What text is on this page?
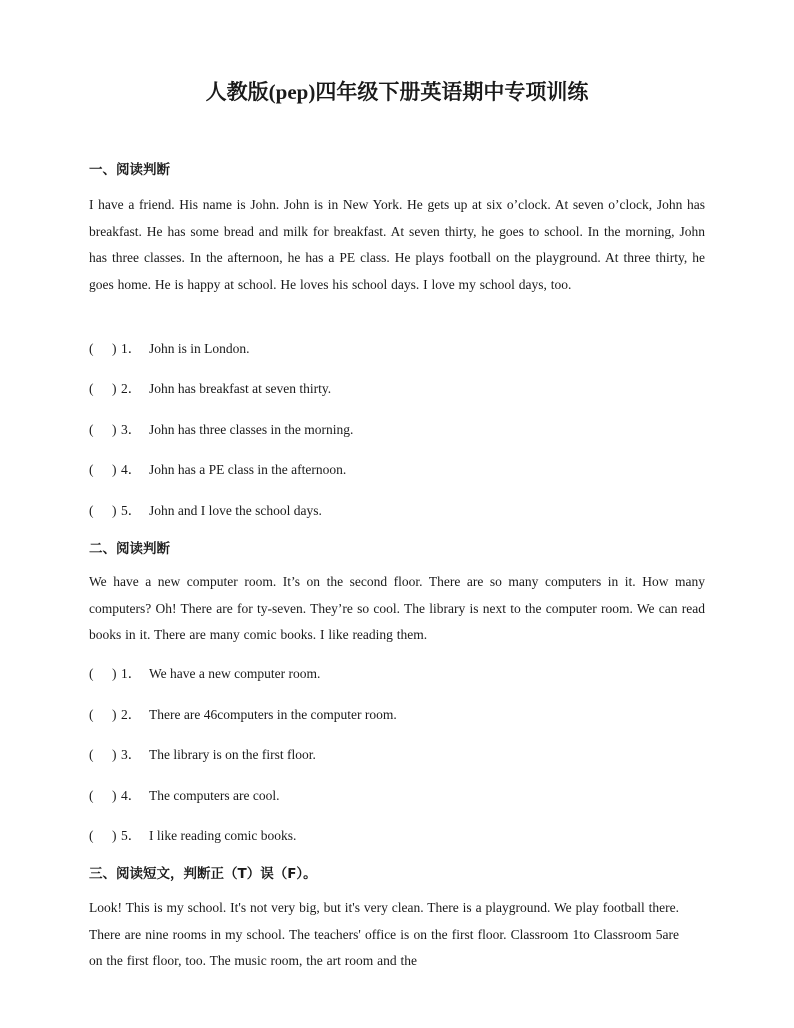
人教版(pep)四年级下册英语期中专项训练
一、阅读判断

I have a friend. His name is John. John is in New York. He gets up at six o’clock. At seven o’clock, John has breakfast. He has some bread and milk for breakfast. At seven thirty, he goes to school. In the morning, John has three classes. In the afternoon, he has a PE class. He plays football on the playground. At three thirty, he goes home. He is happy at school. He loves his school days. I love my school days, too.

( ) 1． John is in London.
( ) 2． John has breakfast at seven thirty.
( ) 3． John has three classes in the morning.
( ) 4． John has a PE class in the afternoon.
( ) 5． John and I love the school days.
二、阅读判断

We have a new computer room. It’s on the second floor. There are so many computers in it. How many computers? Oh! There are for ty-seven. They’re so cool. The library is next to the computer room. We can read books in it. There are many comic books. I like reading them.

( ) 1． We have a new computer room.
( ) 2． There are 46computers in the computer room.
( ) 3． The library is on the first floor.
( ) 4． The computers are cool.
( ) 5． I like reading comic books.
三、阅读短文，判断正（T）误（F）。

Look! This is my school. It's not very big, but it's very clean. There is a playground. We play football there. There are nine rooms in my school. The teachers' office is on the first floor. Classroom 1to Classroom 5are on the first floor, too. The music room, the art room and the
